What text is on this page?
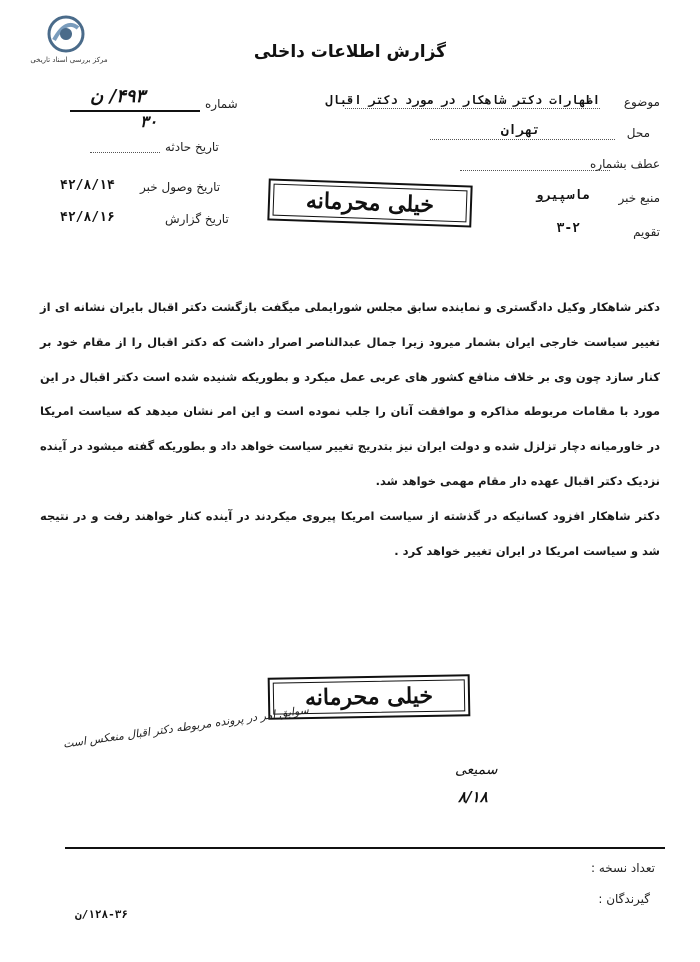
مرکز بررسی اسناد تاریخی	گزارش اطلاعات داخلی
موضوع
اظهارات دکتر شاهکار در مورد دکتر اقبال
محل
تهران
عطف بشماره
منبع خبر
ماسپیرو
تقویم
۳-۲
شماره
۴۹۳/ ن
۳۰
تاریخ حادثه
تاریخ وصول خبر
۴۲/۸/۱۴
تاریخ گزارش
۴۲/۸/۱۶	خیلی محرمانه

دکتر شاهکار وکیل دادگستری و نماینده سابق مجلس شورایملی میگفت بازگشت دکتر اقبال بایران نشانه ای از تغییر سیاست خارجی ایران بشمار میرود زیرا جمال عبدالناصر اصرار داشت که دکتر اقبال را از مقام خود بر کنار سازد چون وی بر خلاف منافع کشور های عربی عمل میکرد و بطوریکه شنیده شده است دکتر اقبال در این مورد با مقامات مربوطه مذاکره و موافقت آنان را جلب نموده است و این امر نشان میدهد که سیاست امریکا در خاورمیانه دچار تزلزل شده و دولت ایران نیز بتدریج تغییر سیاست خواهد داد و بطوریکه گفته میشود در آینده نزدیک دکتر اقبال عهده دار مقام مهمی خواهد شد.

دکتر شاهکار افزود کسانیکه در گذشته از سیاست امریکا پیروی میکردند در آینده کنار خواهند رفت و در نتیجه شد و سیاست امریکا در ایران تغییر خواهد کرد .

خیلی محرمانه
سوابق امر در پرونده مربوطه دکتر اقبال منعکس است
سمیعی
۸/۱۸
تعداد نسخه :
گیرندگان :
۱۲۸-۳۶/ن
